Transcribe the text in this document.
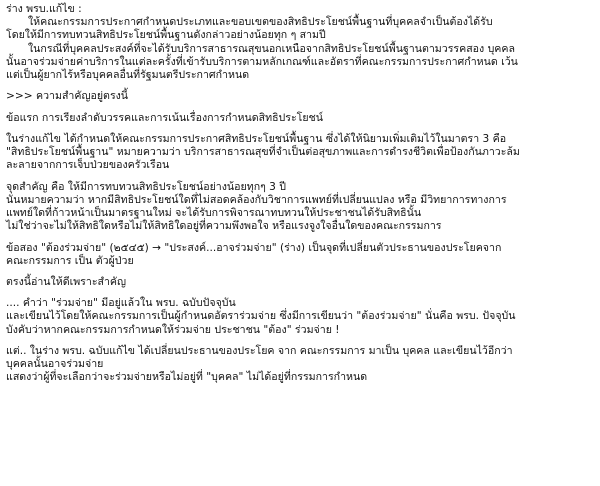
ร่าง พรบ.แก้ไข :

ให้คณะกรรมการประกาศกำหนดประเภทและขอบเขตของสิทธิประโยชน์พื้นฐานที่บุคคลจำเป็นต้องได้รับ

โดยให้มีการทบทวนสิทธิประโยชน์พื้นฐานดังกล่าวอย่างน้อยทุก ๆ สามปี

ในกรณีที่บุคคลประสงค์ที่จะได้รับบริการสาธารณสุขนอกเหนือจากสิทธิประโยชน์พื้นฐานตามวรรคสอง บุคคล

นั้นอาจร่วมจ่ายค่าบริการในแต่ละครั้งที่เข้ารับบริการตามหลักเกณฑ์และอัตราที่คณะกรรมการประกาศกำหนด เว้น

แต่เป็นผู้ยากไร้หรือบุคคลอื่นที่รัฐมนตรีประกาศกำหนด

>>> ความสำคัญอยู่ตรงนี้

ข้อแรก การเรียงลำดับวรรคและการเน้นเรื่องการกำหนดสิทธิประโยชน์

ในร่างแก้ไข ได้กำหนดให้คณะกรรมการประกาศสิทธิประโยชน์พื้นฐาน ซึ่งได้ให้นิยามเพิ่มเติมไว้ในมาตรา 3 คือ

"สิทธิประโยชน์พื้นฐาน" หมายความว่า บริการสาธารณสุขที่จำเป็นต่อสุขภาพและการดำรงชีวิตเพื่อป้องกันภาวะล้ม

ละลายจากการเจ็บป่วยของครัวเรือน

จุดสำคัญ คือ ให้มีการทบทวนสิทธิประโยชน์อย่างน้อยทุกๆ 3 ปี

นั่นหมายความว่า หากมีสิทธิประโยชน์ใดที่ไม่สอดคล้องกับวิชาการแพทย์ที่เปลี่ยนแปลง หรือ มีวิทยาการทางการ

แพทย์ใดที่ก้าวหน้าเป็นมาตรฐานใหม่ จะได้รับการพิจารณาทบทวนให้ประชาชนได้รับสิทธินั้น

ไม่ใช่ว่าจะไม่ให้สิทธิใดหรือไม่ให้สิทธิใดอยู่ที่ความพึงพอใจ หรือแรงจูงใจอื่นใดของคณะกรรมการ

ข้อสอง "ต้องร่วมจ่าย" (๒๕๔๕) → "ประสงค์...อาจร่วมจ่าย" (ร่าง) เป็นจุดที่เปลี่ยนตัวประธานของประโยคจาก

คณะกรรมการ เป็น ตัวผู้ป่วย

ตรงนี้อ่านให้ดีเพราะสำคัญ

.... คำว่า "ร่วมจ่าย" มีอยู่แล้วใน พรบ. ฉบับปัจจุบัน

และเขียนไว้โดยให้คณะกรรมการเป็นผู้กำหนดอัตราร่วมจ่าย ซึ่งมีการเขียนว่า "ต้องร่วมจ่าย" นั่นคือ พรบ. ปัจจุบัน

บังคับว่าหากคณะกรรมการกำหนดให้ร่วมจ่าย ประชาชน "ต้อง" ร่วมจ่าย !

แต่.. ในร่าง พรบ. ฉบับแก้ไข ได้เปลี่ยนประธานของประโยค จาก คณะกรรมการ มาเป็น บุคคล และเขียนไว้อีกว่า

บุคคลนั้นอาจร่วมจ่าย

แสดงว่าผู้ที่จะเลือกว่าจะร่วมจ่ายหรือไม่อยู่ที่ "บุคคล" ไม่ได้อยู่ที่กรรมการกำหนด
